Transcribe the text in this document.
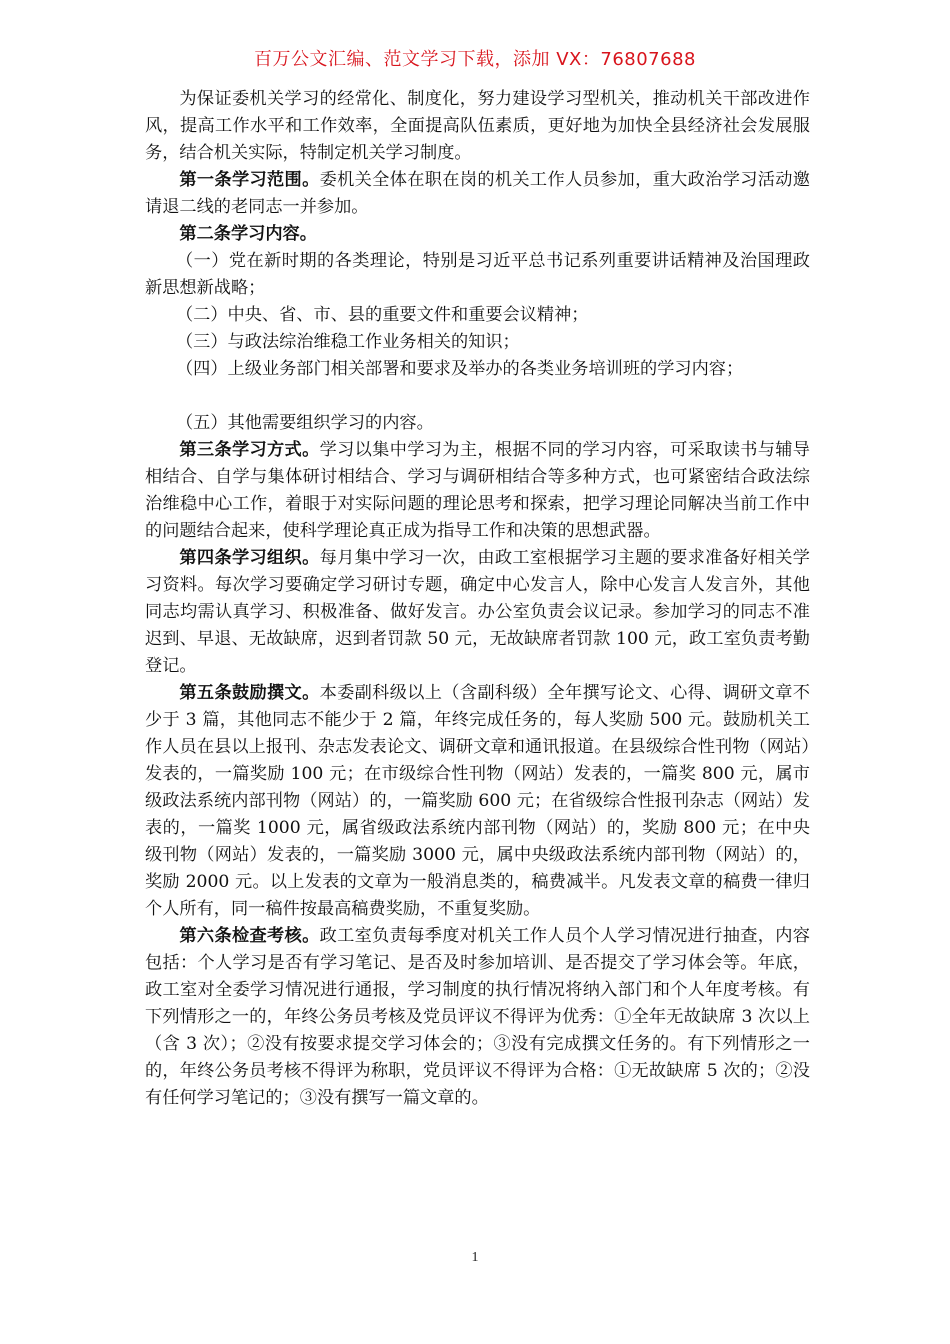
百万公文汇编、范文学习下载，添加 VX：76807688

为保证委机关学习的经常化、制度化，努力建设学习型机关，推动机关干部改进作风，提高工作水平和工作效率，全面提高队伍素质，更好地为加快全县经济社会发展服务，结合机关实际，特制定机关学习制度。

第一条学习范围。委机关全体在职在岗的机关工作人员参加，重大政治学习活动邀请退二线的老同志一并参加。

第二条学习内容。

（一）党在新时期的各类理论，特别是习近平总书记系列重要讲话精神及治国理政新思想新战略；

（二）中央、省、市、县的重要文件和重要会议精神；

（三）与政法综治维稳工作业务相关的知识；

（四）上级业务部门相关部署和要求及举办的各类业务培训班的学习内容；

（五）其他需要组织学习的内容。

第三条学习方式。学习以集中学习为主，根据不同的学习内容，可采取读书与辅导相结合、自学与集体研讨相结合、学习与调研相结合等多种方式，也可紧密结合政法综治维稳中心工作，着眼于对实际问题的理论思考和探索，把学习理论同解决当前工作中的问题结合起来，使科学理论真正成为指导工作和决策的思想武器。

第四条学习组织。每月集中学习一次，由政工室根据学习主题的要求准备好相关学习资料。每次学习要确定学习研讨专题，确定中心发言人，除中心发言人发言外，其他同志均需认真学习、积极准备、做好发言。办公室负责会议记录。参加学习的同志不准迟到、早退、无故缺席，迟到者罚款 50 元，无故缺席者罚款 100 元，政工室负责考勤登记。

第五条鼓励撰文。本委副科级以上（含副科级）全年撰写论文、心得、调研文章不少于 3 篇，其他同志不能少于 2 篇，年终完成任务的，每人奖励 500 元。鼓励机关工作人员在县以上报刊、杂志发表论文、调研文章和通讯报道。在县级综合性刊物（网站）发表的，一篇奖励 100 元；在市级综合性刊物（网站）发表的，一篇奖 800 元，属市级政法系统内部刊物（网站）的，一篇奖励 600 元；在省级综合性报刊杂志（网站）发表的，一篇奖 1000 元，属省级政法系统内部刊物（网站）的，奖励 800 元；在中央级刊物（网站）发表的，一篇奖励 3000 元，属中央级政法系统内部刊物（网站）的，奖励 2000 元。以上发表的文章为一般消息类的，稿费减半。凡发表文章的稿费一律归个人所有，同一稿件按最高稿费奖励，不重复奖励。

第六条检查考核。政工室负责每季度对机关工作人员个人学习情况进行抽查，内容包括：个人学习是否有学习笔记、是否及时参加培训、是否提交了学习体会等。年底，政工室对全委学习情况进行通报，学习制度的执行情况将纳入部门和个人年度考核。有下列情形之一的，年终公务员考核及党员评议不得评为优秀：①全年无故缺席 3 次以上（含 3 次）；②没有按要求提交学习体会的；③没有完成撰文任务的。有下列情形之一的，年终公务员考核不得评为称职，党员评议不得评为合格：①无故缺席 5 次的；②没有任何学习笔记的；③没有撰写一篇文章的。

1
